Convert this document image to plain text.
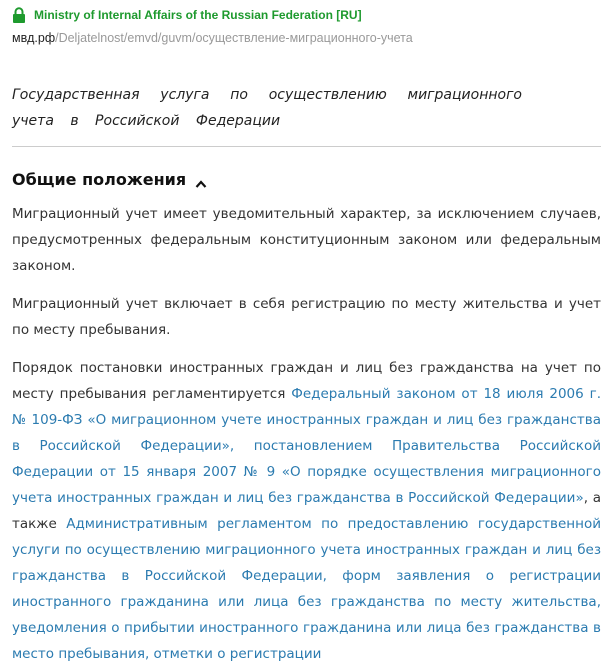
Ministry of Internal Affairs of the Russian Federation [RU]
мвд.рф/Deljatelnost/emvd/guvm/осуществление-миграционного-учета
Государственная услуга по осуществлению миграционного учета в Российской Федерации
Общие положения

Миграционный учет имеет уведомительный характер, за исключением случаев, предусмотренных федеральным конституционным законом или федеральным законом.

Миграционный учет включает в себя регистрацию по месту жительства и учет по месту пребывания.

Порядок постановки иностранных граждан и лиц без гражданства на учет по месту пребывания регламентируется Федеральный законом от 18 июля 2006 г. № 109-ФЗ «О миграционном учете иностранных граждан и лиц без гражданства в Российской Федерации», постановлением Правительства Российской Федерации от 15 января 2007 № 9 «О порядке осуществления миграционного учета иностранных граждан и лиц без гражданства в Российской Федерации», а также Административным регламентом по предоставлению государственной услуги по осуществлению миграционного учета иностранных граждан и лиц без гражданства в Российской Федерации, форм заявления о регистрации иностранного гражданина или лица без гражданства по месту жительства, уведомления о прибытии иностранного гражданина или лица без гражданства в место пребывания, отметки о регистрации
